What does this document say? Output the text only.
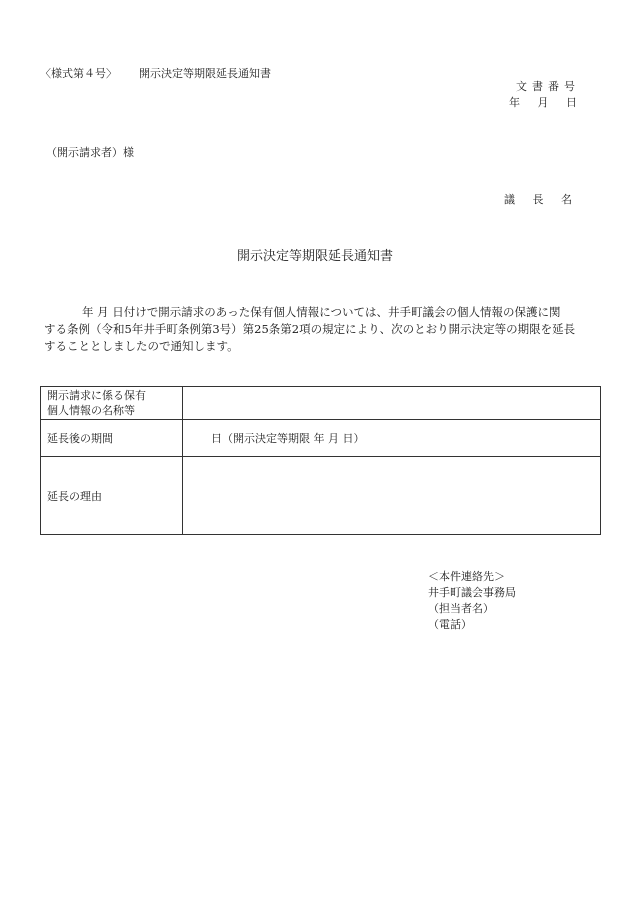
〈様式第４号〉 開示決定等期限延長通知書
文書番号
年 月 日
（開示請求者）様
議 長 名
開示決定等期限延長通知書
年 月 日付けで開示請求のあった保有個人情報については、井手町議会の個人情報の保護に関
する条例（令和5年井手町条例第3号）第25条第2項の規定により、次のとおり開示決定等の期限を延長
することとしましたので通知します。
開示請求に係る保有
個人情報の名称等	

延長後の期間	日（開示決定等期限 年 月 日）
延長の理由	
＜本件連絡先＞
井手町議会事務局
（担当者名）
（電話）
